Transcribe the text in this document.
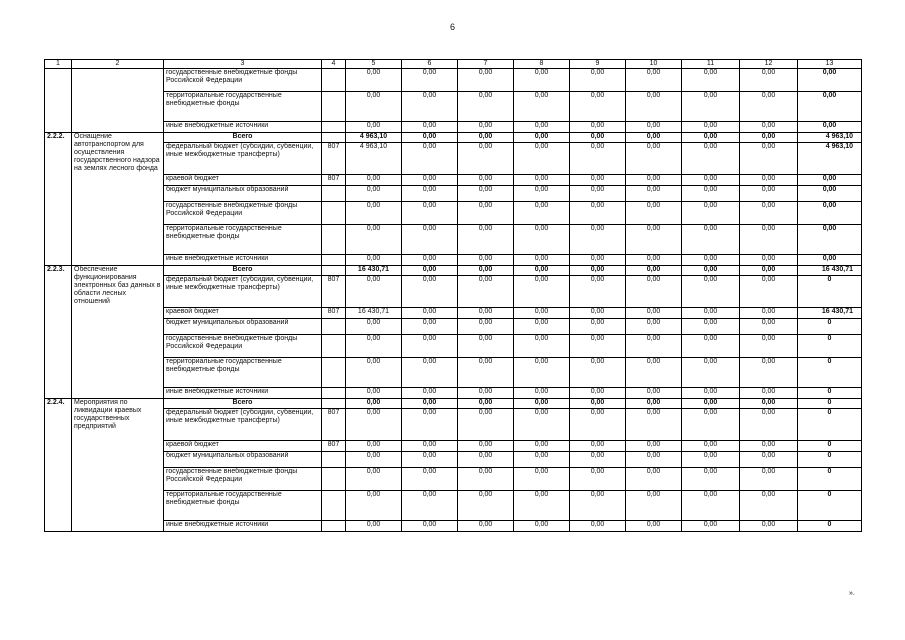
6
1	2	3	4	5	6	7	8	9	10	11	12	13
		государственные внебюджетные фонды Российской Федерации		0,00	0,00	0,00	0,00	0,00	0,00	0,00	0,00	0,00
		территориальные государственные внебюджетные фонды		0,00	0,00	0,00	0,00	0,00	0,00	0,00	0,00	0,00
		иные внебюджетные источники		0,00	0,00	0,00	0,00	0,00	0,00	0,00	0,00	0,00
2.2.2.	Оснащение автотранспортом для осуществления государственного надзора на землях лесного фонда	Всего		4 963,10	0,00	0,00	0,00	0,00	0,00	0,00	0,00	4 963,10
		федеральный бюджет (субсидии, субвенции, иные межбюджетные трансферты)	807	4 963,10	0,00	0,00	0,00	0,00	0,00	0,00	0,00	4 963,10
		краевой бюджет	807	0,00	0,00	0,00	0,00	0,00	0,00	0,00	0,00	0,00
		бюджет муниципальных образований		0,00	0,00	0,00	0,00	0,00	0,00	0,00	0,00	0,00
		государственные внебюджетные фонды Российской Федерации		0,00	0,00	0,00	0,00	0,00	0,00	0,00	0,00	0,00
		территориальные государственные внебюджетные фонды		0,00	0,00	0,00	0,00	0,00	0,00	0,00	0,00	0,00
		иные внебюджетные источники		0,00	0,00	0,00	0,00	0,00	0,00	0,00	0,00	0,00
2.2.3.	Обеспечение функционирования электронных баз данных в области лесных отношений	Всего		16 430,71	0,00	0,00	0,00	0,00	0,00	0,00	0,00	16 430,71
		федеральный бюджет (субсидии, субвенции, иные межбюджетные трансферты)	807	0,00	0,00	0,00	0,00	0,00	0,00	0,00	0,00	0
		краевой бюджет	807	16 430,71	0,00	0,00	0,00	0,00	0,00	0,00	0,00	16 430,71
		бюджет муниципальных образований		0,00	0,00	0,00	0,00	0,00	0,00	0,00	0,00	0
		государственные внебюджетные фонды Российской Федерации		0,00	0,00	0,00	0,00	0,00	0,00	0,00	0,00	0
		территориальные государственные внебюджетные фонды		0,00	0,00	0,00	0,00	0,00	0,00	0,00	0,00	0
		иные внебюджетные источники		0,00	0,00	0,00	0,00	0,00	0,00	0,00	0,00	0
2.2.4.	Мероприятия по ликвидации краевых государственных предприятий	Всего		0,00	0,00	0,00	0,00	0,00	0,00	0,00	0,00	0
		федеральный бюджет (субсидии, субвенции, иные межбюджетные трансферты)	807	0,00	0,00	0,00	0,00	0,00	0,00	0,00	0,00	0
		краевой бюджет	807	0,00	0,00	0,00	0,00	0,00	0,00	0,00	0,00	0
		бюджет муниципальных образований		0,00	0,00	0,00	0,00	0,00	0,00	0,00	0,00	0
		государственные внебюджетные фонды Российской Федерации		0,00	0,00	0,00	0,00	0,00	0,00	0,00	0,00	0
		территориальные государственные внебюджетные фонды		0,00	0,00	0,00	0,00	0,00	0,00	0,00	0,00	0
		иные внебюджетные источники		0,00	0,00	0,00	0,00	0,00	0,00	0,00	0,00	0
».
